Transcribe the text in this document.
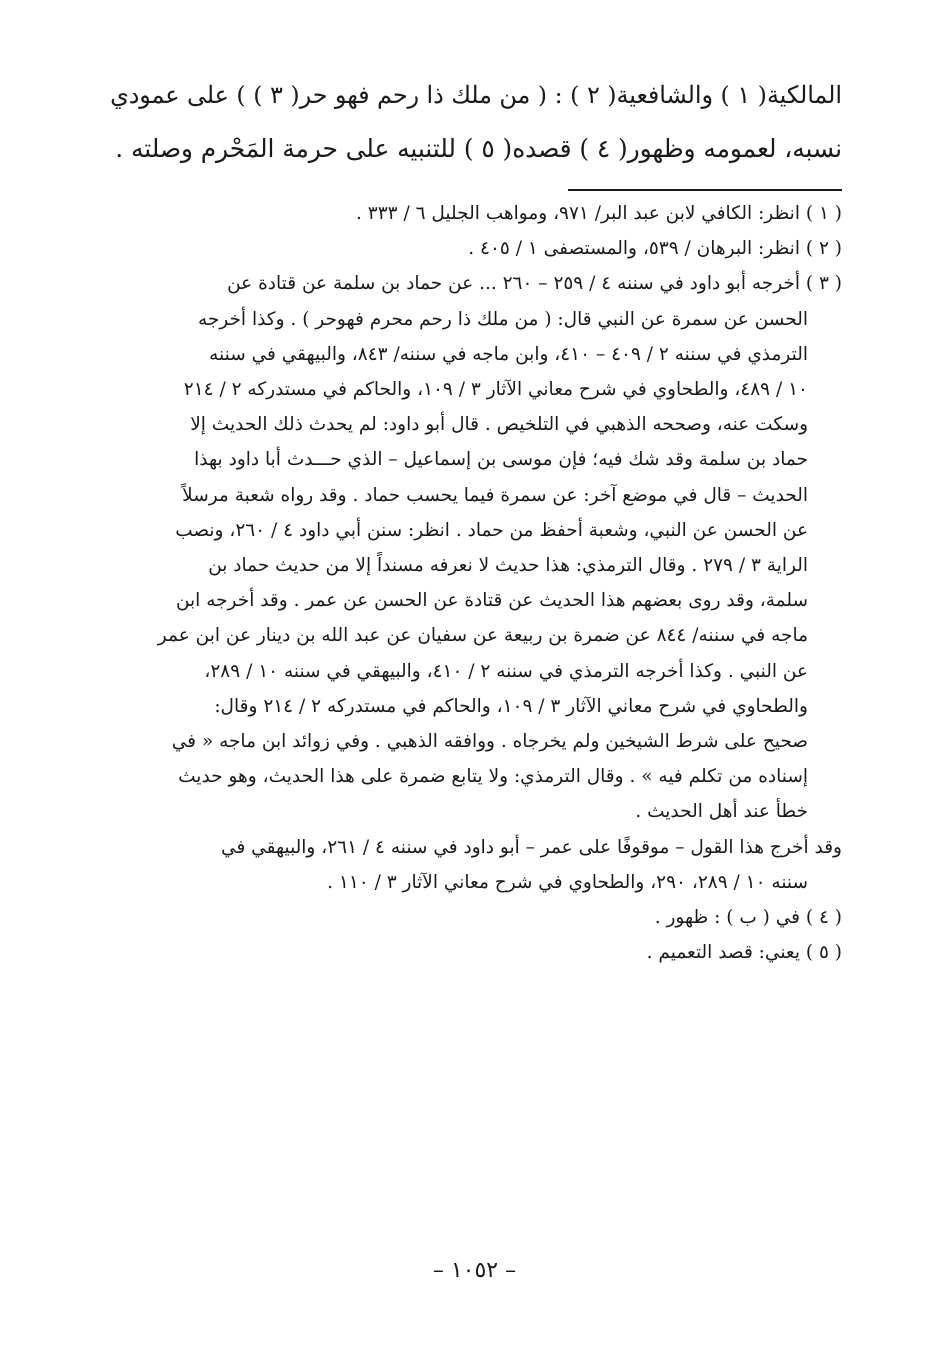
المالكية( ١ ) والشافعية( ٢ ) : ( من ملك ذا رحم فهو حر( ٣ ) ) على عمودي
نسبه، لعمومه وظهور( ٤ ) قصده( ٥ ) للتنبيه على حرمة المَحْرم وصلته .
( ١ ) انظر: الكافي لابن عبد البر/ ٩٧١، ومواهب الجليل ٦ / ٣٣٣ .
( ٢ ) انظر: البرهان / ٥٣٩، والمستصفى ١ / ٤٠٥ .
( ٣ ) أخرجه أبو داود في سننه ٤ / ٢٥٩ – ٢٦٠ ... عن حماد بن سلمة عن قتادة عن
الحسن عن سمرة عن النبي قال: ( من ملك ذا رحم محرم فهوحر ) . وكذا أخرجه
الترمذي في سننه ٢ / ٤٠٩ – ٤١٠، وابن ماجه في سننه/ ٨٤٣، والبيهقي في سننه
١٠ / ٤٨٩، والطحاوي في شرح معاني الآثار ٣ / ١٠٩، والحاكم في مستدركه ٢ / ٢١٤
وسكت عنه، وصححه الذهبي في التلخيص . قال أبو داود: لم يحدث ذلك الحديث إلا
حماد بن سلمة وقد شك فيه؛ فإن موسى بن إسماعيل – الذي حـــدث أبا داود بهذا
الحديث – قال في موضع آخر: عن سمرة فيما يحسب حماد . وقد رواه شعبة مرسلاً
عن الحسن عن النبي، وشعبة أحفظ من حماد . انظر: سنن أبي داود ٤ / ٢٦٠، ونصب
الراية ٣ / ٢٧٩ . وقال الترمذي: هذا حديث لا نعرفه مسنداً إلا من حديث حماد بن
سلمة، وقد روى بعضهم هذا الحديث عن قتادة عن الحسن عن عمر . وقد أخرجه ابن
ماجه في سننه/ ٨٤٤ عن ضمرة بن ربيعة عن سفيان عن عبد الله بن دينار عن ابن عمر
عن النبي . وكذا أخرجه الترمذي في سننه ٢ / ٤١٠، والبيهقي في سننه ١٠ / ٢٨٩،
والطحاوي في شرح معاني الآثار ٣ / ١٠٩، والحاكم في مستدركه ٢ / ٢١٤ وقال:
صحيح على شرط الشيخين ولم يخرجاه . ووافقه الذهبي . وفي زوائد ابن ماجه « في
إسناده من تكلم فيه » . وقال الترمذي: ولا يتابع ضمرة على هذا الحديث، وهو حديث
خطأ عند أهل الحديث .
وقد أخرج هذا القول – موقوفًا على عمر – أبو داود في سننه ٤ / ٢٦١، والبيهقي في
سننه ١٠ / ٢٨٩، ٢٩٠، والطحاوي في شرح معاني الآثار ٣ / ١١٠ .
( ٤ ) في ( ب ) : ظهور .
( ٥ ) يعني: قصد التعميم .
– ١٠٥٢ –
